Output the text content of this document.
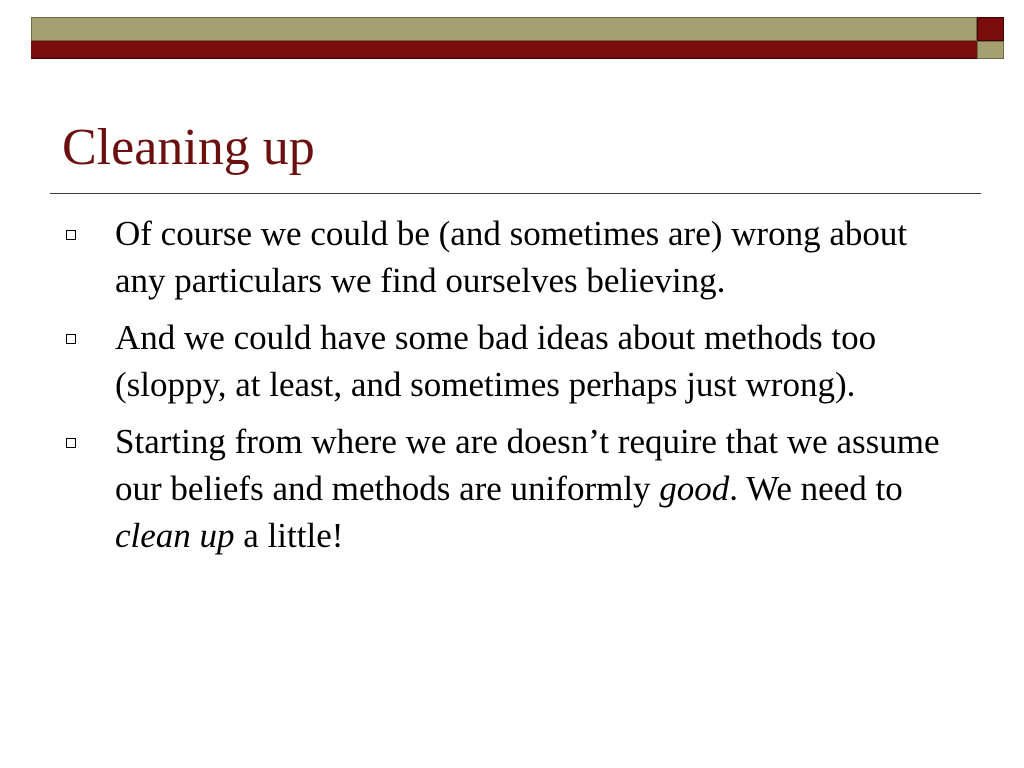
Cleaning up
Of course we could be (and sometimes are) wrong about any particulars we find ourselves believing.
And we could have some bad ideas about methods too (sloppy, at least, and sometimes perhaps just wrong).
Starting from where we are doesn’t require that we assume our beliefs and methods are uniformly good. We need to clean up a little!
